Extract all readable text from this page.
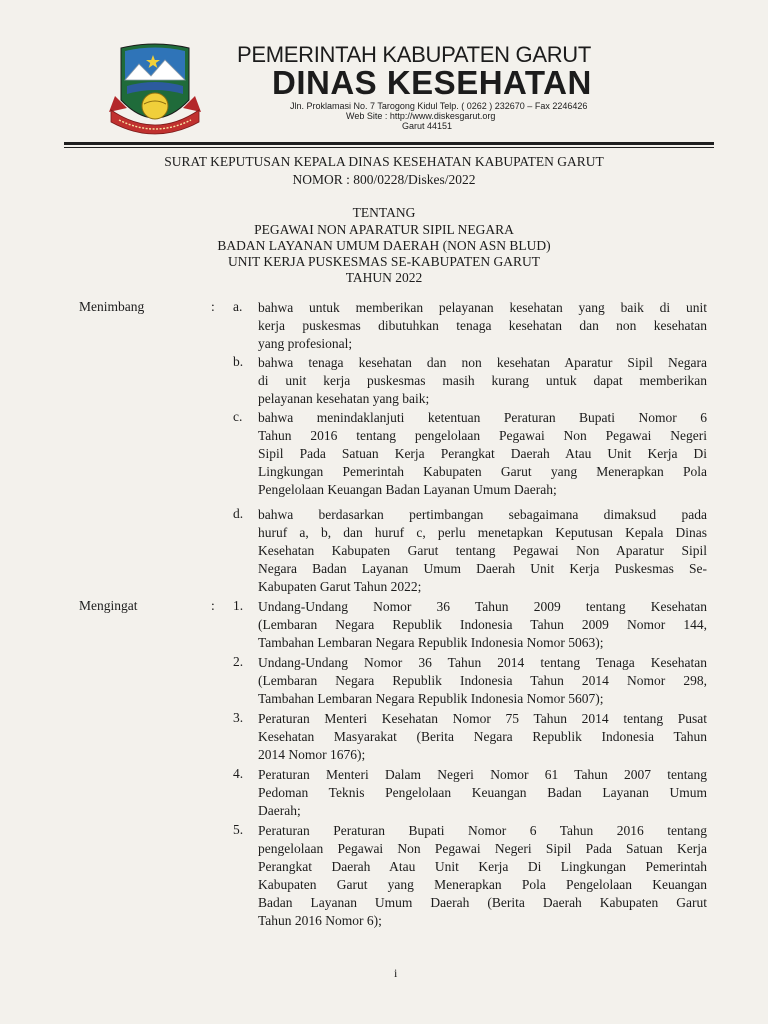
PEMERINTAH KABUPATEN GARUT
DINAS KESEHATAN
Jln. Proklamasi No. 7 Tarogong Kidul Telp. ( 0262 ) 232670 – Fax 2246426
Web Site : http://www.diskesgarut.org
Garut 44151
SURAT KEPUTUSAN KEPALA DINAS KESEHATAN KABUPATEN GARUT
NOMOR : 800/0228/Diskes/2022
TENTANG
PEGAWAI NON APARATUR SIPIL NEGARA
BADAN LAYANAN UMUM DAERAH (NON ASN BLUD)
UNIT KERJA PUSKESMAS SE-KABUPATEN GARUT
TAHUN 2022
Menimbang	: a. bahwa untuk memberikan pelayanan kesehatan yang baik di unit
kerja puskesmas dibutuhkan tenaga kesehatan dan non kesehatan
yang profesional;
b. bahwa tenaga kesehatan dan non kesehatan Aparatur Sipil Negara
di unit kerja puskesmas masih kurang untuk dapat memberikan
pelayanan kesehatan yang baik;
c. bahwa menindaklanjuti ketentuan Peraturan Bupati Nomor 6
Tahun 2016 tentang pengelolaan Pegawai Non Pegawai Negeri
Sipil Pada Satuan Kerja Perangkat Daerah Atau Unit Kerja Di
Lingkungan Pemerintah Kabupaten Garut yang Menerapkan Pola
Pengelolaan Keuangan Badan Layanan Umum Daerah;
d. bahwa berdasarkan pertimbangan sebagaimana dimaksud pada
huruf a, b, dan huruf c, perlu menetapkan Keputusan Kepala Dinas
Kesehatan Kabupaten Garut tentang Pegawai Non Aparatur Sipil
Negara Badan Layanan Umum Daerah Unit Kerja Puskesmas Se-
Kabupaten Garut Tahun 2022;
Mengingat	: 1. Undang-Undang Nomor 36 Tahun 2009 tentang Kesehatan
(Lembaran Negara Republik Indonesia Tahun 2009 Nomor 144,
Tambahan Lembaran Negara Republik Indonesia Nomor 5063);
2. Undang-Undang Nomor 36 Tahun 2014 tentang Tenaga Kesehatan
(Lembaran Negara Republik Indonesia Tahun 2014 Nomor 298,
Tambahan Lembaran Negara Republik Indonesia Nomor 5607);
3. Peraturan Menteri Kesehatan Nomor 75 Tahun 2014 tentang Pusat
Kesehatan Masyarakat (Berita Negara Republik Indonesia Tahun
2014 Nomor 1676);
4. Peraturan Menteri Dalam Negeri Nomor 61 Tahun 2007 tentang
Pedoman Teknis Pengelolaan Keuangan Badan Layanan Umum
Daerah;
5. Peraturan Peraturan Bupati Nomor 6 Tahun 2016 tentang
pengelolaan Pegawai Non Pegawai Negeri Sipil Pada Satuan Kerja
Perangkat Daerah Atau Unit Kerja Di Lingkungan Pemerintah
Kabupaten Garut yang Menerapkan Pola Pengelolaan Keuangan
Badan Layanan Umum Daerah (Berita Daerah Kabupaten Garut
Tahun 2016 Nomor 6);
i
